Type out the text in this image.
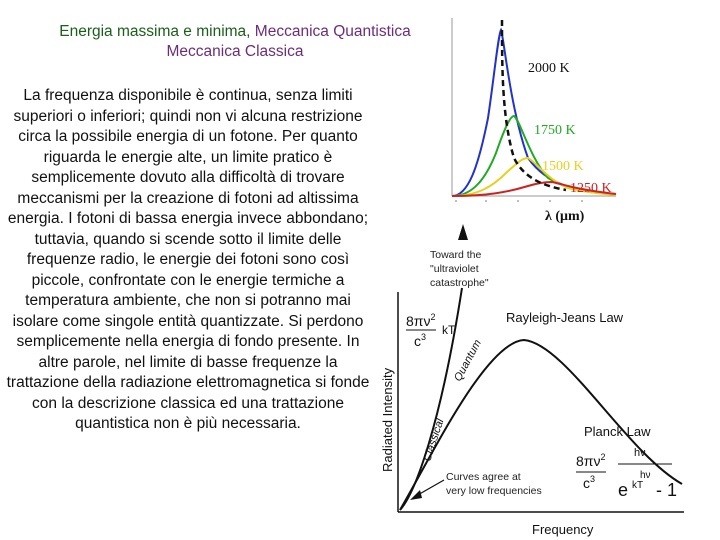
Energia massima e minima, Meccanica Quantistica
Meccanica Classica
La frequenza disponibile è continua, senza limiti superiori o inferiori; quindi non vi alcuna restrizione circa la possibile energia di un fotone. Per quanto riguarda le energie alte, un limite pratico è semplicemente dovuto alla difficoltà di trovare meccanismi per la creazione di fotoni ad altissima energia. I fotoni di bassa energia invece abbondano; tuttavia, quando si scende sotto il limite delle frequenze radio, le energie dei fotoni sono così piccole, confrontate con le energie termiche a temperatura ambiente, che non si potranno mai isolare come singole entità quantizzate. Si perdono semplicemente nella energia di fondo presente. In altre parole, nel limite di basse frequenze la trattazione della radiazione elettromagnetica si fonde con la descrizione classica ed una trattazione quantistica non è più necessaria.
2000 K
1750 K
1500 K
1250 K
λ (μm)
Toward the
"ultraviolet
catastrophe"
$8\pi\nu^2$
$c^3$ kT
Rayleigh-Jeans Law
Planck Law
$8\pi\nu^2$	hν
$c^3$	hν
e kT - 1
Classical
Quantum
Curves agree at
very low frequencies
Radiated Intensity
Frequency
